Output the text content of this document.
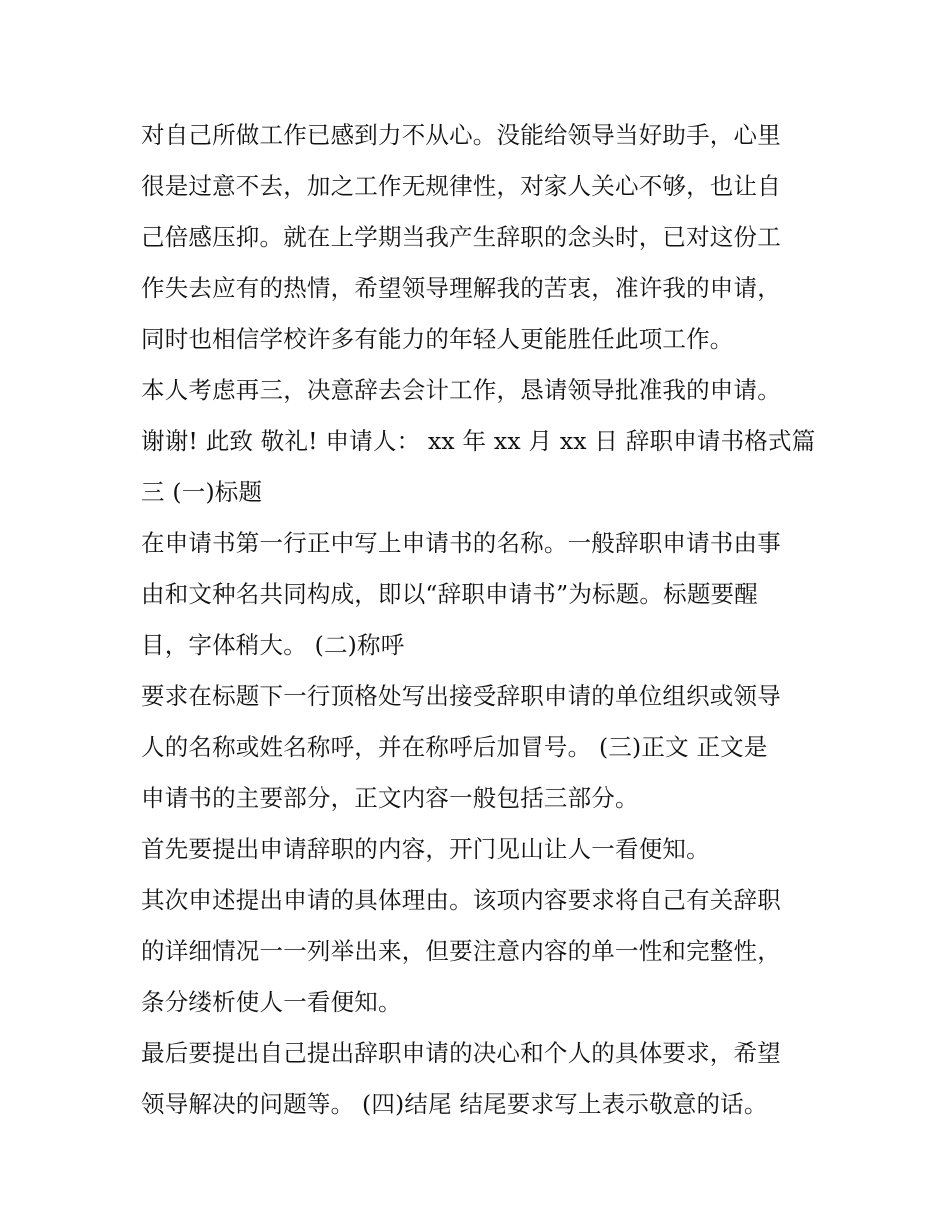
对自己所做工作已感到力不从心。没能给领导当好助手，心里
很是过意不去，加之工作无规律性，对家人关心不够，也让自
己倍感压抑。就在上学期当我产生辞职的念头时，已对这份工
作失去应有的热情，希望领导理解我的苦衷，准许我的申请，
同时也相信学校许多有能力的年轻人更能胜任此项工作。
本人考虑再三，决意辞去会计工作，恳请领导批准我的申请。
谢谢! 此致 敬礼! 申请人： xx 年 xx 月 xx 日 辞职申请书格式篇
三 (一)标题
在申请书第一行正中写上申请书的名称。一般辞职申请书由事
由和文种名共同构成，即以“辞职申请书”为标题。标题要醒
目，字体稍大。 (二)称呼
要求在标题下一行顶格处写出接受辞职申请的单位组织或领导
人的名称或姓名称呼，并在称呼后加冒号。 (三)正文 正文是
申请书的主要部分，正文内容一般包括三部分。
首先要提出申请辞职的内容，开门见山让人一看便知。
其次申述提出申请的具体理由。该项内容要求将自己有关辞职
的详细情况一一列举出来，但要注意内容的单一性和完整性，
条分缕析使人一看便知。
最后要提出自己提出辞职申请的决心和个人的具体要求，希望
领导解决的问题等。 (四)结尾 结尾要求写上表示敬意的话。
